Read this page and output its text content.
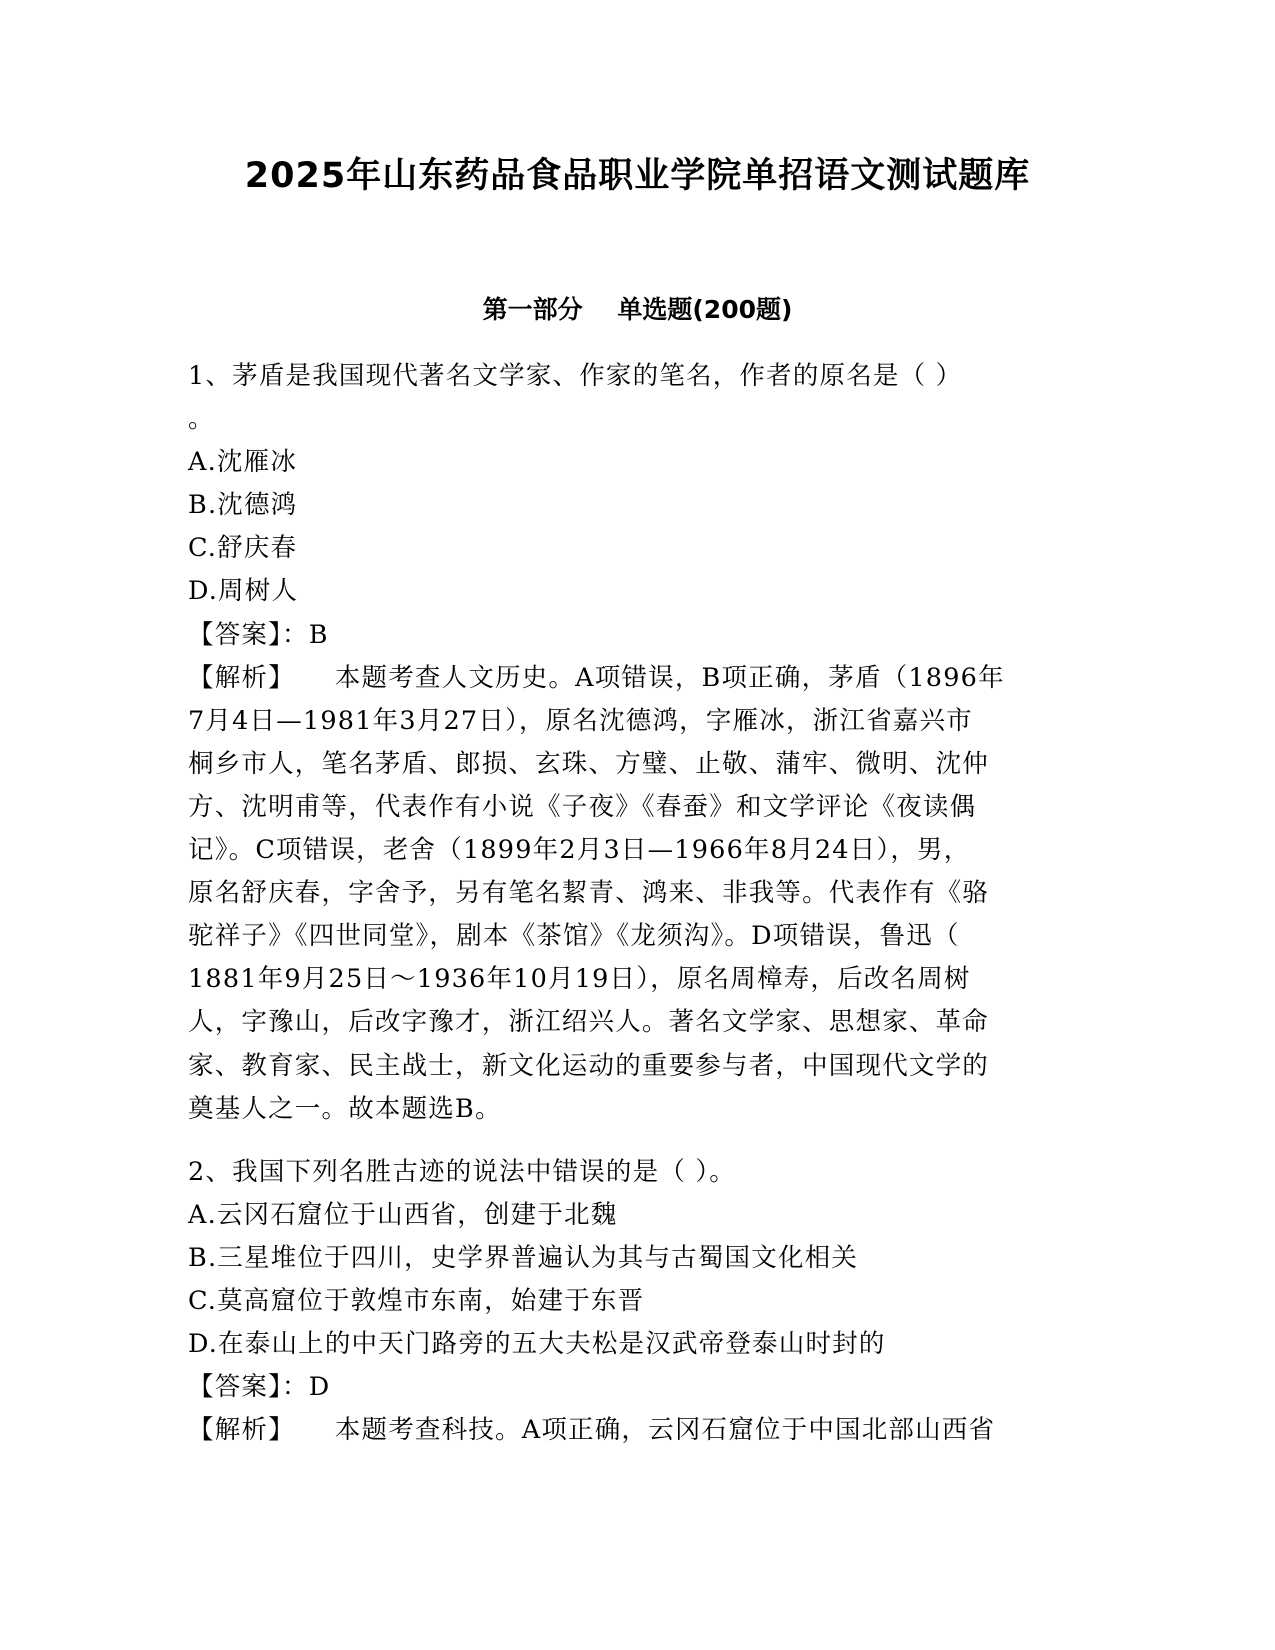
2025年山东药品食品职业学院单招语文测试题库
第一部分    单选题(200题)
1、茅盾是我国现代著名文学家、作家的笔名，作者的原名是（ ）
。
A.沈雁冰
B.沈德鸿
C.舒庆春
D.周树人
【答案】：B
【解析】 本题考查人文历史。A项错误，B项正确，茅盾（1896年
7月4日—1981年3月27日），原名沈德鸿，字雁冰，浙江省嘉兴市
桐乡市人，笔名茅盾、郎损、玄珠、方璧、止敬、蒲牢、微明、沈仲
方、沈明甫等，代表作有小说《子夜》《春蚕》和文学评论《夜读偶
记》。C项错误，老舍（1899年2月3日—1966年8月24日），男，
原名舒庆春，字舍予，另有笔名絜青、鸿来、非我等。代表作有《骆
驼祥子》《四世同堂》，剧本《茶馆》《龙须沟》。D项错误，鲁迅（
1881年9月25日～1936年10月19日），原名周樟寿，后改名周树
人，字豫山，后改字豫才，浙江绍兴人。著名文学家、思想家、革命
家、教育家、民主战士，新文化运动的重要参与者，中国现代文学的
奠基人之一。故本题选B。
2、我国下列名胜古迹的说法中错误的是（ ）。
A.云冈石窟位于山西省，创建于北魏
B.三星堆位于四川，史学界普遍认为其与古蜀国文化相关
C.莫高窟位于敦煌市东南，始建于东晋
D.在泰山上的中天门路旁的五大夫松是汉武帝登泰山时封的
【答案】：D
【解析】 本题考查科技。A项正确，云冈石窟位于中国北部山西省
